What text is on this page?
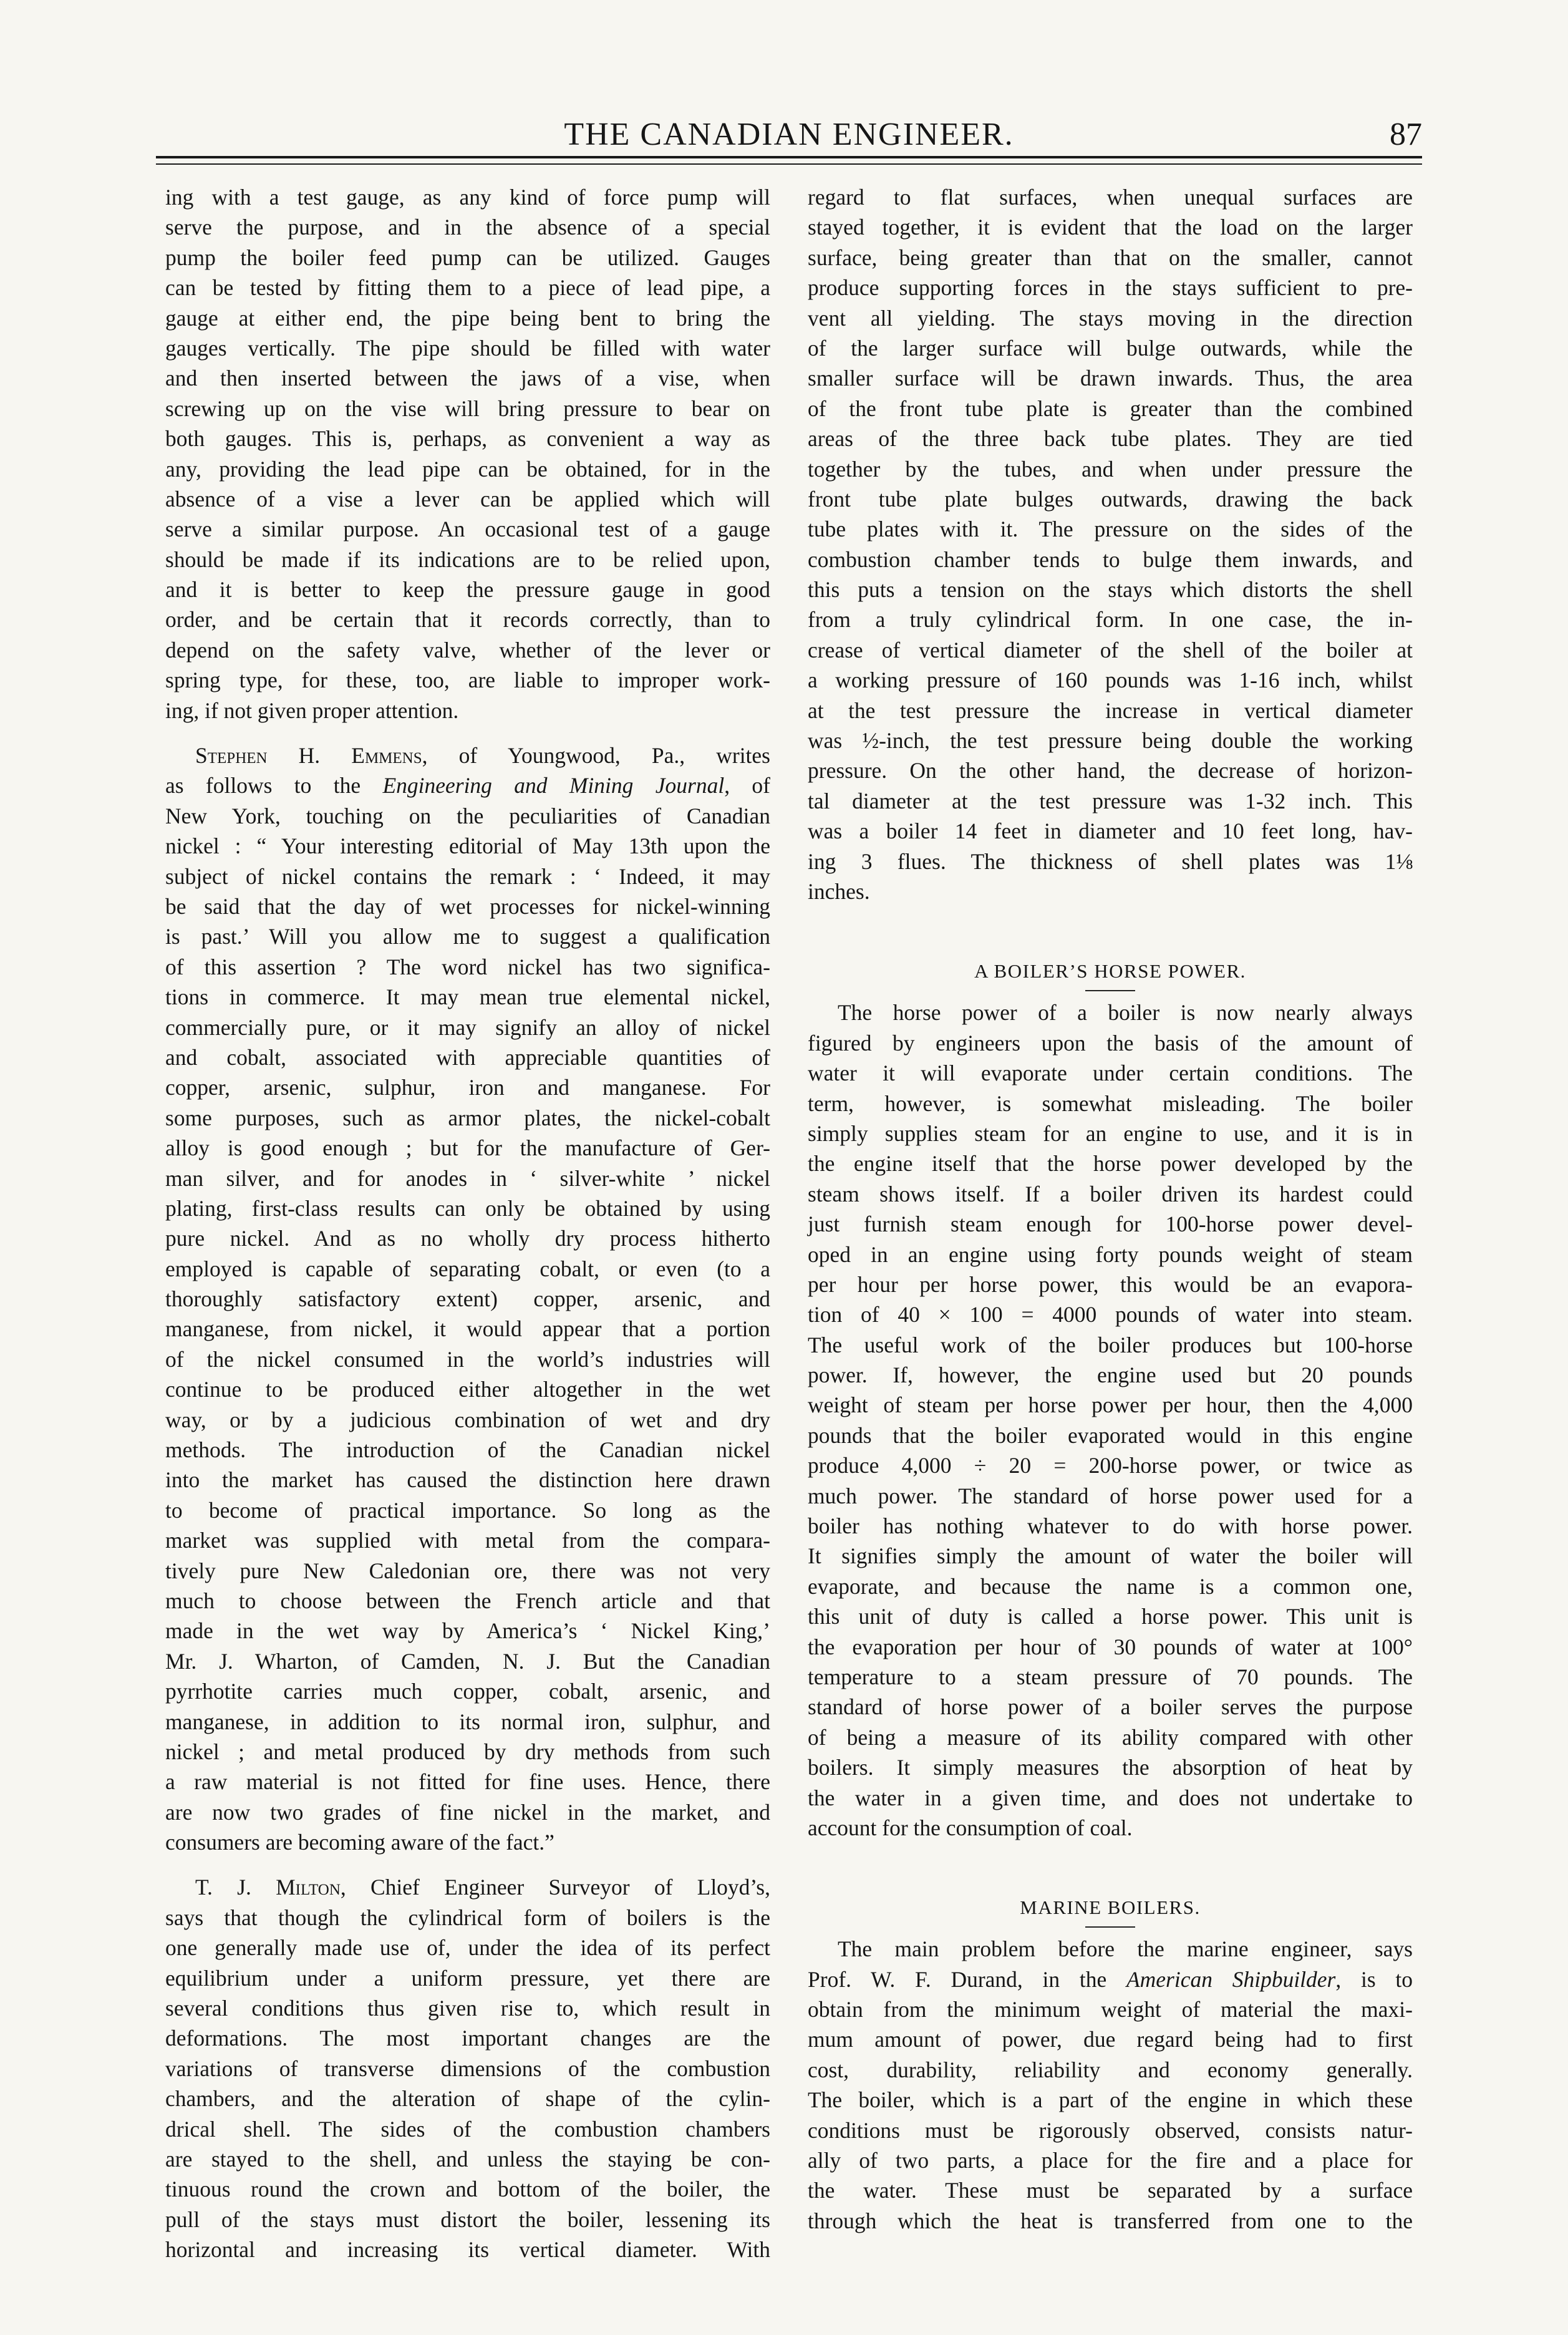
THE CANADIAN ENGINEER.	87
ing with a test gauge, as any kind of force pump will
serve the purpose, and in the absence of a special
pump the boiler feed pump can be utilized. Gauges
can be tested by fitting them to a piece of lead pipe, a
gauge at either end, the pipe being bent to bring the
gauges vertically. The pipe should be filled with water
and then inserted between the jaws of a vise, when
screwing up on the vise will bring pressure to bear on
both gauges. This is, perhaps, as convenient a way as
any, providing the lead pipe can be obtained, for in the
absence of a vise a lever can be applied which will
serve a similar purpose. An occasional test of a gauge
should be made if its indications are to be relied upon,
and it is better to keep the pressure gauge in good
order, and be certain that it records correctly, than to
depend on the safety valve, whether of the lever or
spring type, for these, too, are liable to improper work-
ing, if not given proper attention.
Stephen H. Emmens, of Youngwood, Pa., writes
as follows to the Engineering and Mining Journal, of
New York, touching on the peculiarities of Canadian
nickel : “ Your interesting editorial of May 13th upon the
subject of nickel contains the remark : ‘ Indeed, it may
be said that the day of wet processes for nickel-winning
is past.’ Will you allow me to suggest a qualification
of this assertion ? The word nickel has two significa-
tions in commerce. It may mean true elemental nickel,
commercially pure, or it may signify an alloy of nickel
and cobalt, associated with appreciable quantities of
copper, arsenic, sulphur, iron and manganese. For
some purposes, such as armor plates, the nickel-cobalt
alloy is good enough ; but for the manufacture of Ger-
man silver, and for anodes in ‘ silver-white ’ nickel
plating, first-class results can only be obtained by using
pure nickel. And as no wholly dry process hitherto
employed is capable of separating cobalt, or even (to a
thoroughly satisfactory extent) copper, arsenic, and
manganese, from nickel, it would appear that a portion
of the nickel consumed in the world’s industries will
continue to be produced either altogether in the wet
way, or by a judicious combination of wet and dry
methods. The introduction of the Canadian nickel
into the market has caused the distinction here drawn
to become of practical importance. So long as the
market was supplied with metal from the compara-
tively pure New Caledonian ore, there was not very
much to choose between the French article and that
made in the wet way by America’s ‘ Nickel King,’
Mr. J. Wharton, of Camden, N. J. But the Canadian
pyrrhotite carries much copper, cobalt, arsenic, and
manganese, in addition to its normal iron, sulphur, and
nickel ; and metal produced by dry methods from such
a raw material is not fitted for fine uses. Hence, there
are now two grades of fine nickel in the market, and
consumers are becoming aware of the fact.”
T. J. Milton, Chief Engineer Surveyor of Lloyd’s,
says that though the cylindrical form of boilers is the
one generally made use of, under the idea of its perfect
equilibrium under a uniform pressure, yet there are
several conditions thus given rise to, which result in
deformations. The most important changes are the
variations of transverse dimensions of the combustion
chambers, and the alteration of shape of the cylin-
drical shell. The sides of the combustion chambers
are stayed to the shell, and unless the staying be con-
tinuous round the crown and bottom of the boiler, the
pull of the stays must distort the boiler, lessening its
horizontal and increasing its vertical diameter. With
regard to flat surfaces, when unequal surfaces are
stayed together, it is evident that the load on the larger
surface, being greater than that on the smaller, cannot
produce supporting forces in the stays sufficient to pre-
vent all yielding. The stays moving in the direction
of the larger surface will bulge outwards, while the
smaller surface will be drawn inwards. Thus, the area
of the front tube plate is greater than the combined
areas of the three back tube plates. They are tied
together by the tubes, and when under pressure the
front tube plate bulges outwards, drawing the back
tube plates with it. The pressure on the sides of the
combustion chamber tends to bulge them inwards, and
this puts a tension on the stays which distorts the shell
from a truly cylindrical form. In one case, the in-
crease of vertical diameter of the shell of the boiler at
a working pressure of 160 pounds was 1-16 inch, whilst
at the test pressure the increase in vertical diameter
was ½-inch, the test pressure being double the working
pressure. On the other hand, the decrease of horizon-
tal diameter at the test pressure was 1-32 inch. This
was a boiler 14 feet in diameter and 10 feet long, hav-
ing 3 flues. The thickness of shell plates was 1⅛
inches.
A BOILER’S HORSE POWER.
The horse power of a boiler is now nearly always
figured by engineers upon the basis of the amount of
water it will evaporate under certain conditions. The
term, however, is somewhat misleading. The boiler
simply supplies steam for an engine to use, and it is in
the engine itself that the horse power developed by the
steam shows itself. If a boiler driven its hardest could
just furnish steam enough for 100-horse power devel-
oped in an engine using forty pounds weight of steam
per hour per horse power, this would be an evapora-
tion of 40 × 100 = 4000 pounds of water into steam.
The useful work of the boiler produces but 100-horse
power. If, however, the engine used but 20 pounds
weight of steam per horse power per hour, then the 4,000
pounds that the boiler evaporated would in this engine
produce 4,000 ÷ 20 = 200-horse power, or twice as
much power. The standard of horse power used for a
boiler has nothing whatever to do with horse power.
It signifies simply the amount of water the boiler will
evaporate, and because the name is a common one,
this unit of duty is called a horse power. This unit is
the evaporation per hour of 30 pounds of water at 100°
temperature to a steam pressure of 70 pounds. The
standard of horse power of a boiler serves the purpose
of being a measure of its ability compared with other
boilers. It simply measures the absorption of heat by
the water in a given time, and does not undertake to
account for the consumption of coal.
MARINE BOILERS.
The main problem before the marine engineer, says
Prof. W. F. Durand, in the American Shipbuilder, is to
obtain from the minimum weight of material the maxi-
mum amount of power, due regard being had to first
cost, durability, reliability and economy generally.
The boiler, which is a part of the engine in which these
conditions must be rigorously observed, consists natur-
ally of two parts, a place for the fire and a place for
the water. These must be separated by a surface
through which the heat is transferred from one to the
